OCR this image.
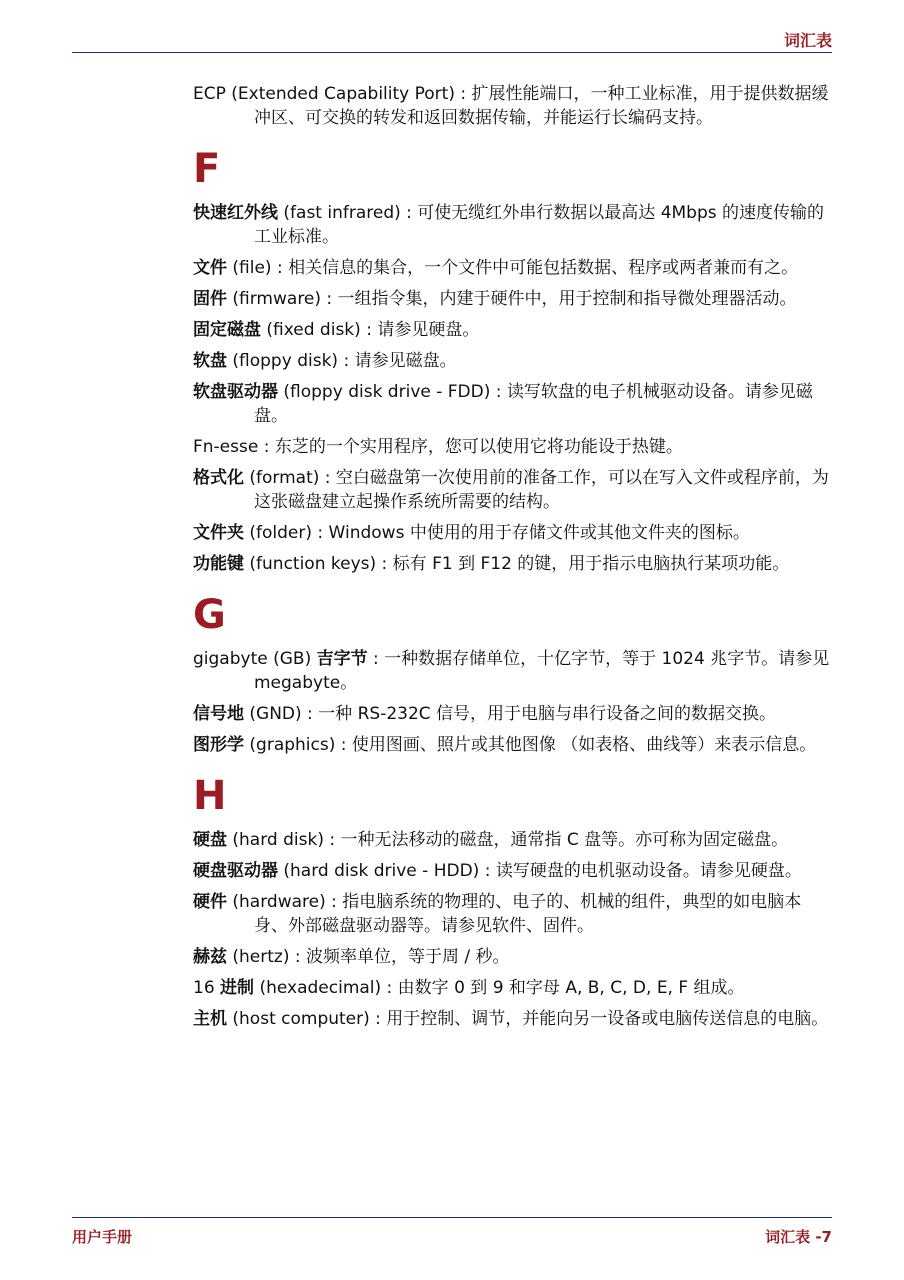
词汇表

ECP (Extended Capability Port) : 扩展性能端口，一种工业标准，用于提供数据缓冲区、可交换的转发和返回数据传输，并能运行长编码支持。

F

快速红外线 (fast infrared) : 可使无缆红外串行数据以最高达 4Mbps 的速度传输的工业标准。

文件 (file) : 相关信息的集合，一个文件中可能包括数据、程序或两者兼而有之。

固件 (firmware) : 一组指令集，内建于硬件中，用于控制和指导微处理器活动。

固定磁盘 (fixed disk) : 请参见硬盘。

软盘 (floppy disk) : 请参见磁盘。

软盘驱动器 (floppy disk drive - FDD) : 读写软盘的电子机械驱动设备。请参见磁盘。

Fn-esse : 东芝的一个实用程序，您可以使用它将功能设于热键。

格式化 (format) : 空白磁盘第一次使用前的准备工作，可以在写入文件或程序前，为这张磁盘建立起操作系统所需要的结构。

文件夹 (folder) : Windows 中使用的用于存储文件或其他文件夹的图标。

功能键 (function keys) : 标有 F1 到 F12 的键，用于指示电脑执行某项功能。

G

gigabyte (GB) 吉字节 : 一种数据存储单位，十亿字节，等于 1024 兆字节。请参见 megabyte。

信号地 (GND) : 一种 RS-232C 信号，用于电脑与串行设备之间的数据交换。

图形学 (graphics) : 使用图画、照片或其他图像 （如表格、曲线等）来表示信息。

H

硬盘 (hard disk) : 一种无法移动的磁盘，通常指 C 盘等。亦可称为固定磁盘。

硬盘驱动器 (hard disk drive - HDD) : 读写硬盘的电机驱动设备。请参见硬盘。

硬件 (hardware) : 指电脑系统的物理的、电子的、机械的组件，典型的如电脑本身、外部磁盘驱动器等。请参见软件、固件。

赫兹 (hertz) : 波频率单位，等于周 / 秒。

16 进制 (hexadecimal) : 由数字 0 到 9 和字母 A, B, C, D, E, F 组成。

主机 (host computer) : 用于控制、调节，并能向另一设备或电脑传送信息的电脑。

用户手册	词汇表 -7
